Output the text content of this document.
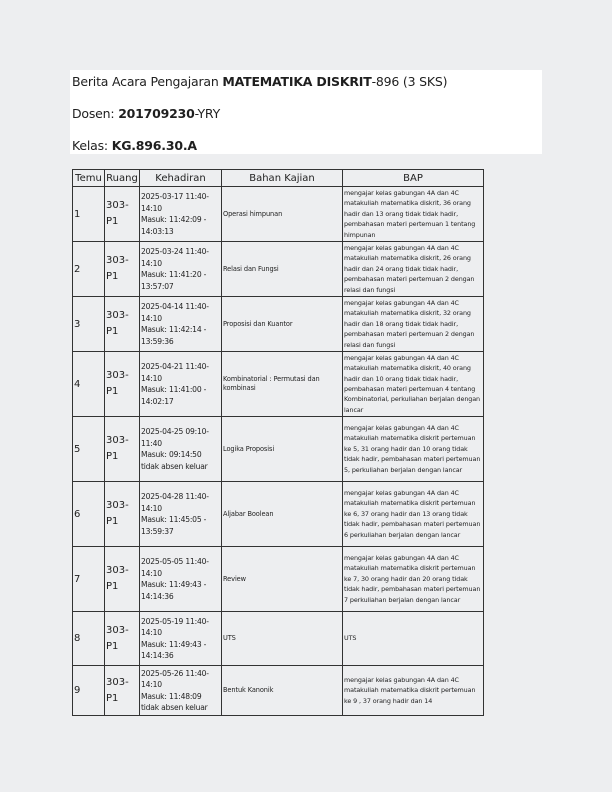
Berita Acara Pengajaran MATEMATIKA DISKRIT-896 (3 SKS)
Dosen: 201709230-YRY
Kelas: KG.896.30.A
Temu	Ruang	Kehadiran	Bahan Kajian	BAP
1	303-P1	2025-03-17 11:40-14:10
Masuk: 11:42:09 - 14:03:13	Operasi himpunan	mengajar kelas gabungan 4A dan 4C matakuliah matematika diskrit, 36 orang hadir dan 13 orang tidak tidak hadir, pembahasan materi pertemuan 1 tentang himpunan
2	303-P1	2025-03-24 11:40-14:10
Masuk: 11:41:20 - 13:57:07	Relasi dan Fungsi	mengajar kelas gabungan 4A dan 4C matakuliah matematika diskrit, 26 orang hadir dan 24 orang tidak tidak hadir, pembahasan materi pertemuan 2 dengan relasi dan fungsi
3	303-P1	2025-04-14 11:40-14:10
Masuk: 11:42:14 - 13:59:36	Proposisi dan Kuantor	mengajar kelas gabungan 4A dan 4C matakuliah matematika diskrit, 32 orang hadir dan 18 orang tidak tidak hadir, pembahasan materi pertemuan 2 dengan relasi dan fungsi
4	303-P1	2025-04-21 11:40-14:10
Masuk: 11:41:00 - 14:02:17	Kombinatorial : Permutasi dan kombinasi	mengajar kelas gabungan 4A dan 4C matakuliah matematika diskrit, 40 orang hadir dan 10 orang tidak tidak hadir, pembahasan materi pertemuan 4 tentang Kombinatorial, perkuliahan berjalan dengan lancar
5	303-P1	2025-04-25 09:10-11:40
Masuk: 09:14:50 tidak absen keluar	Logika Proposisi	mengajar kelas gabungan 4A dan 4C matakuliah matematika diskrit pertemuan ke 5, 31 orang hadir dan 10 orang tidak tidak hadir, pembahasan materi pertemuan 5, perkuliahan berjalan dengan lancar
6	303-P1	2025-04-28 11:40-14:10
Masuk: 11:45:05 - 13:59:37	Aljabar Boolean	mengajar kelas gabungan 4A dan 4C matakuliah matematika diskrit pertemuan ke 6, 37 orang hadir dan 13 orang tidak tidak hadir, pembahasan materi pertemuan 6 perkuliahan berjalan dengan lancar
7	303-P1	2025-05-05 11:40-14:10
Masuk: 11:49:43 - 14:14:36	Review	mengajar kelas gabungan 4A dan 4C matakuliah matematika diskrit pertemuan ke 7, 30 orang hadir dan 20 orang tidak tidak hadir, pembahasan materi pertemuan 7 perkuliahan berjalan dengan lancar
8	303-P1	2025-05-19 11:40-14:10
Masuk: 11:49:43 - 14:14:36	UTS	UTS
9	303-P1	2025-05-26 11:40-14:10
Masuk: 11:48:09 tidak absen keluar	Bentuk Kanonik	mengajar kelas gabungan 4A dan 4C matakuliah matematika diskrit pertemuan ke 9 , 37 orang hadir dan 14
